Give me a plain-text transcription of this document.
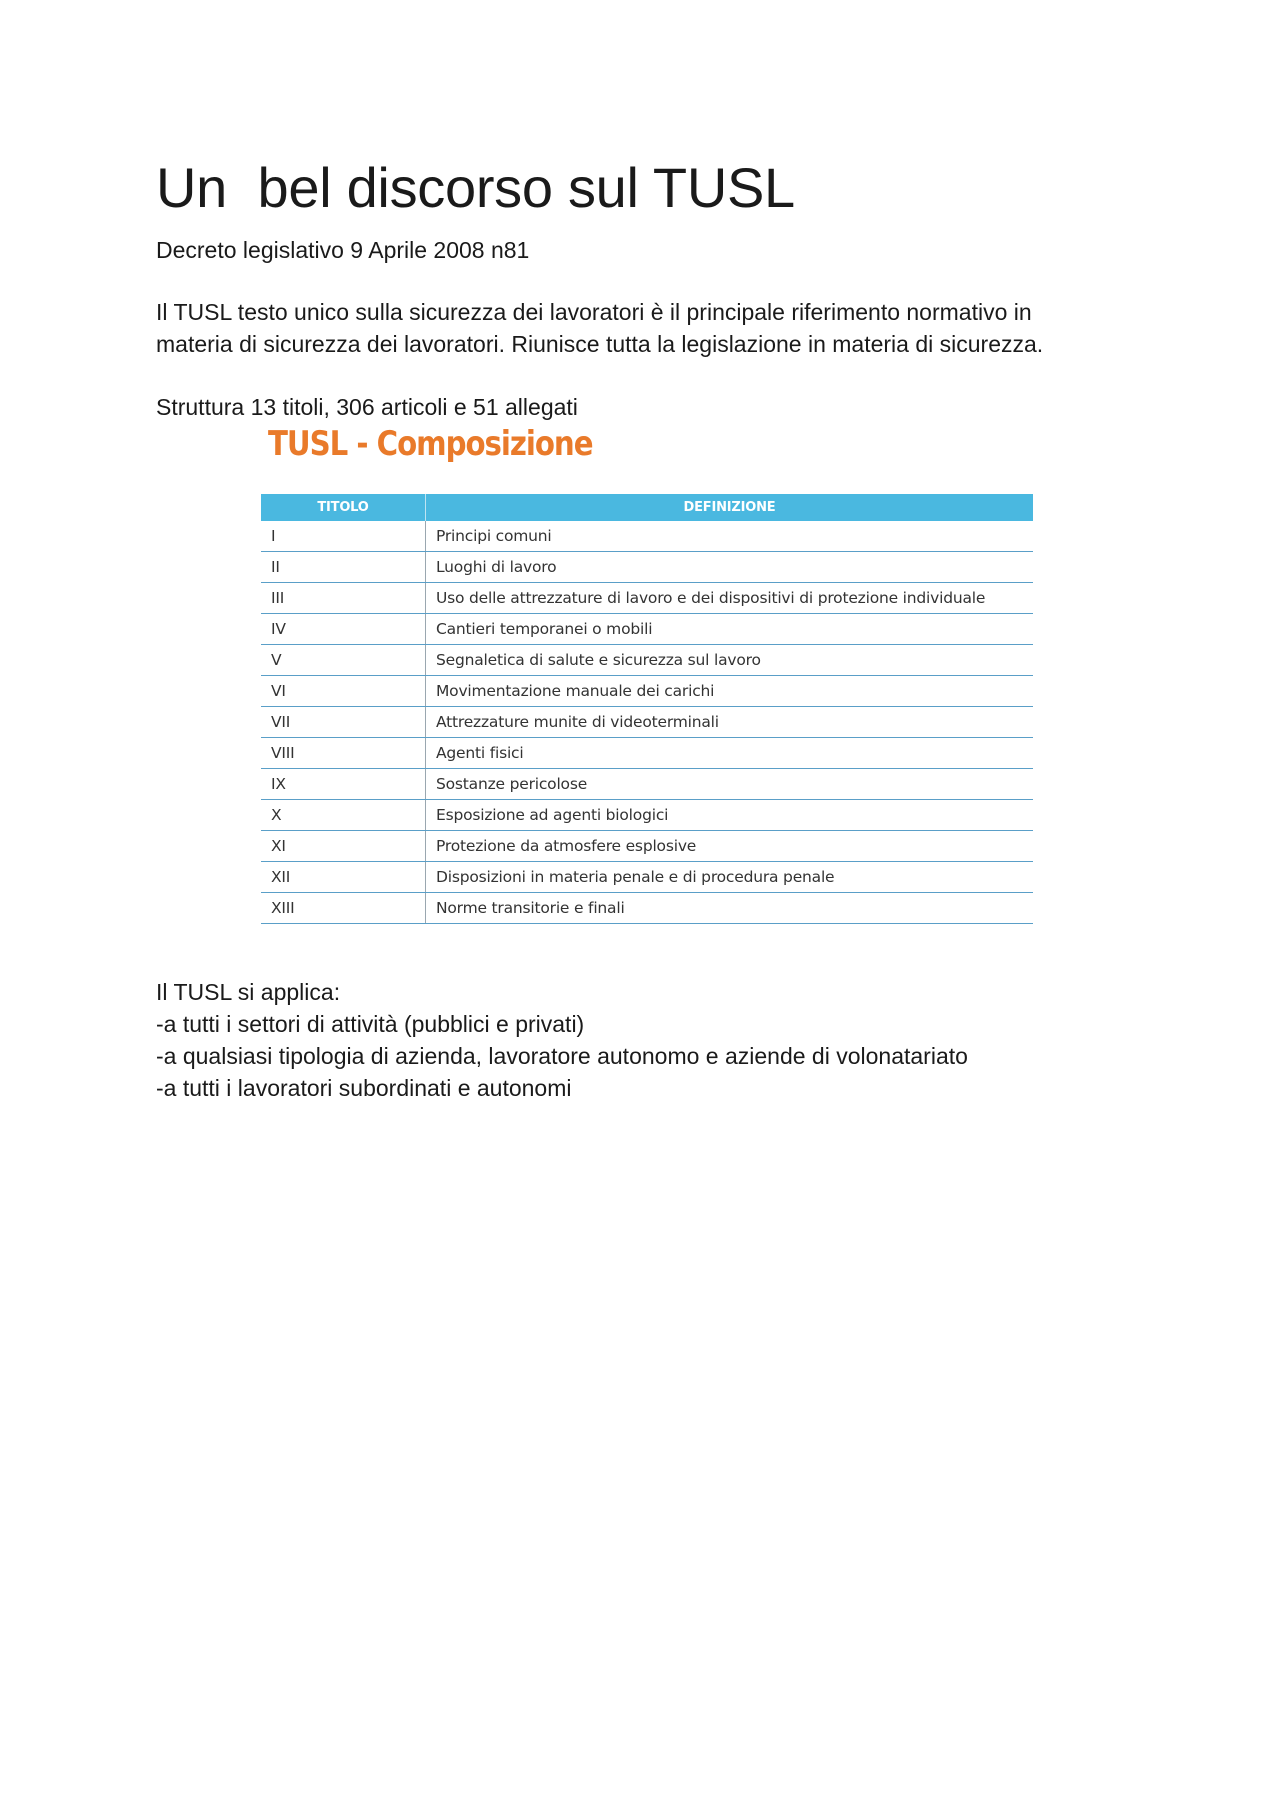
Un  bel discorso sul TUSL

Decreto legislativo 9 Aprile 2008 n81

Il TUSL testo unico sulla sicurezza dei lavoratori è il principale riferimento normativo in
materia di sicurezza dei lavoratori. Riunisce tutta la legislazione in materia di sicurezza.

Struttura 13 titoli, 306 articoli e 51 allegati

TUSL - Composizione
TITOLO	DEFINIZIONE
I	Principi comuni
II	Luoghi di lavoro
III	Uso delle attrezzature di lavoro e dei dispositivi di protezione individuale
IV	Cantieri temporanei o mobili
V	Segnaletica di salute e sicurezza sul lavoro
VI	Movimentazione manuale dei carichi
VII	Attrezzature munite di videoterminali
VIII	Agenti fisici
IX	Sostanze pericolose
X	Esposizione ad agenti biologici
XI	Protezione da atmosfere esplosive
XII	Disposizioni in materia penale e di procedura penale
XIII	Norme transitorie e finali
Il TUSL si applica:
-a tutti i settori di attività (pubblici e privati)
-a qualsiasi tipologia di azienda, lavoratore autonomo e aziende di volonatariato
-a tutti i lavoratori subordinati e autonomi
